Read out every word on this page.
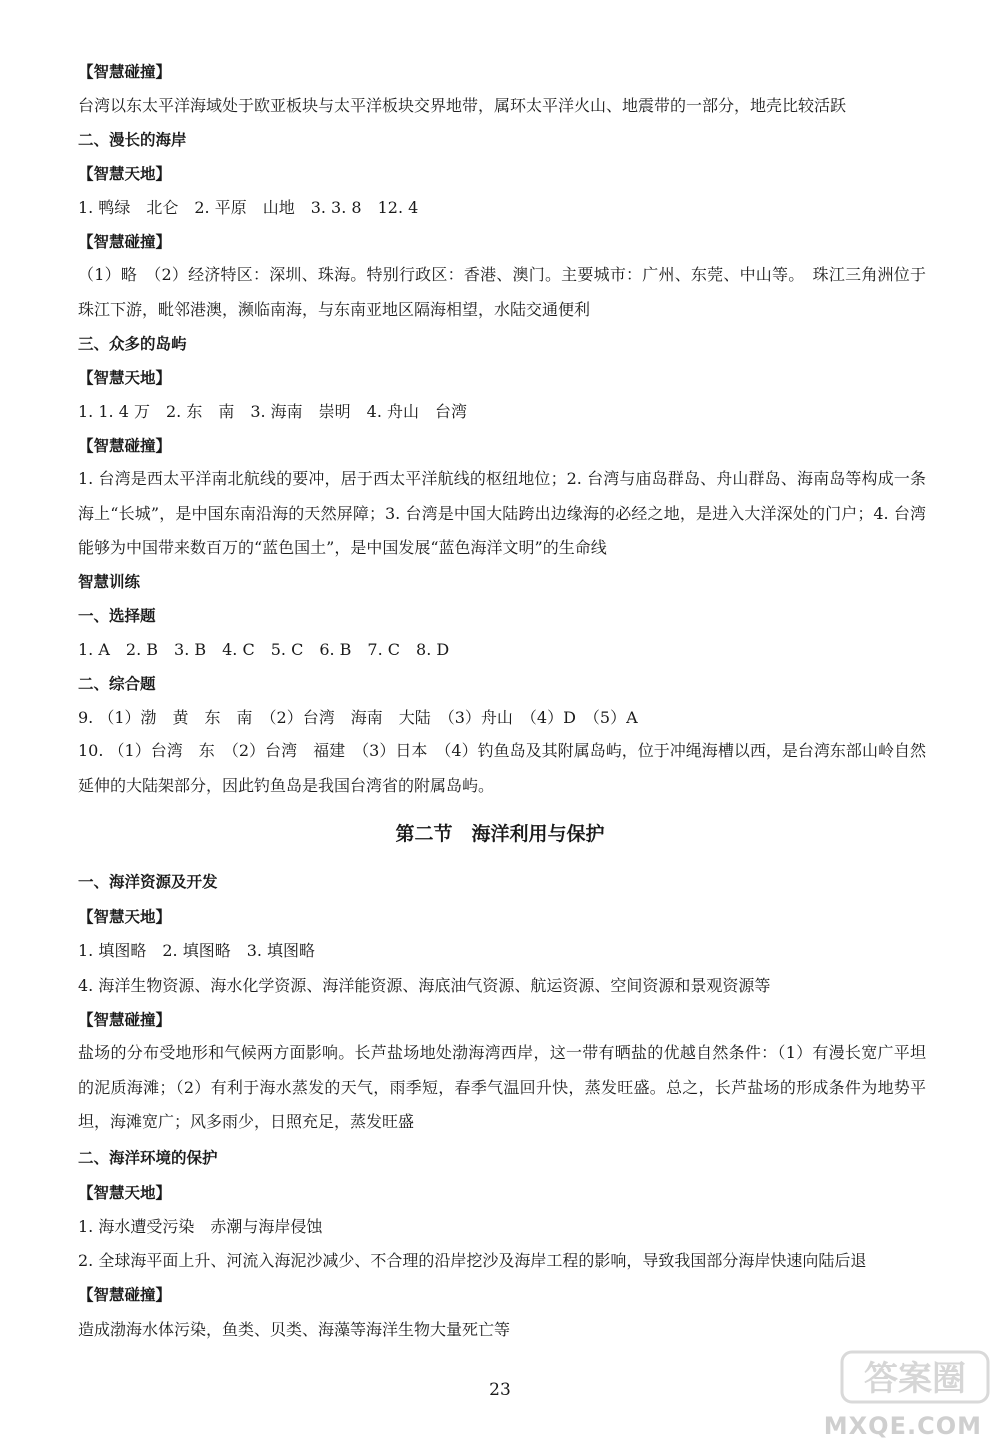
【智慧碰撞】
台湾以东太平洋海域处于欧亚板块与太平洋板块交界地带，属环太平洋火山、地震带的一部分，地壳比较活跃
二、漫长的海岸
【智慧天地】
1. 鸭绿　北仑　2. 平原　山地　3. 3. 8　12. 4
【智慧碰撞】
（1）略　（2）经济特区：深圳、珠海。特别行政区：香港、澳门。主要城市：广州、东莞、中山等。　珠江三角洲位于珠江下游，毗邻港澳，濒临南海，与东南亚地区隔海相望，水陆交通便利
三、众多的岛屿
【智慧天地】
1. 1. 4 万　2. 东　南　3. 海南　崇明　4. 舟山　台湾
【智慧碰撞】
1. 台湾是西太平洋南北航线的要冲，居于西太平洋航线的枢纽地位；2. 台湾与庙岛群岛、舟山群岛、海南岛等构成一条海上“长城”，是中国东南沿海的天然屏障；3. 台湾是中国大陆跨出边缘海的必经之地，是进入大洋深处的门户；4. 台湾能够为中国带来数百万的“蓝色国土”，是中国发展“蓝色海洋文明”的生命线
智慧训练
一、选择题
1. A　2. B　3. B　4. C　5. C　6. B　7. C　8. D
二、综合题
9. （1）渤　黄　东　南　（2）台湾　海南　大陆　（3）舟山　（4）D　（5）A
10. （1）台湾　东　（2）台湾　福建　（3）日本　（4）钓鱼岛及其附属岛屿，位于冲绳海槽以西，是台湾东部山岭自然延伸的大陆架部分，因此钓鱼岛是我国台湾省的附属岛屿。
第二节　海洋利用与保护
一、海洋资源及开发
【智慧天地】
1. 填图略　2. 填图略　3. 填图略
4. 海洋生物资源、海水化学资源、海洋能资源、海底油气资源、航运资源、空间资源和景观资源等
【智慧碰撞】
盐场的分布受地形和气候两方面影响。长芦盐场地处渤海湾西岸，这一带有晒盐的优越自然条件：（1）有漫长宽广平坦的泥质海滩；（2）有利于海水蒸发的天气，雨季短，春季气温回升快，蒸发旺盛。总之，长芦盐场的形成条件为地势平坦，海滩宽广；风多雨少，日照充足，蒸发旺盛
二、海洋环境的保护
【智慧天地】
1. 海水遭受污染　赤潮与海岸侵蚀
2. 全球海平面上升、河流入海泥沙减少、不合理的沿岸挖沙及海岸工程的影响，导致我国部分海岸快速向陆后退
【智慧碰撞】
造成渤海水体污染，鱼类、贝类、海藻等海洋生物大量死亡等
23	答案圈
MXQE.COM
